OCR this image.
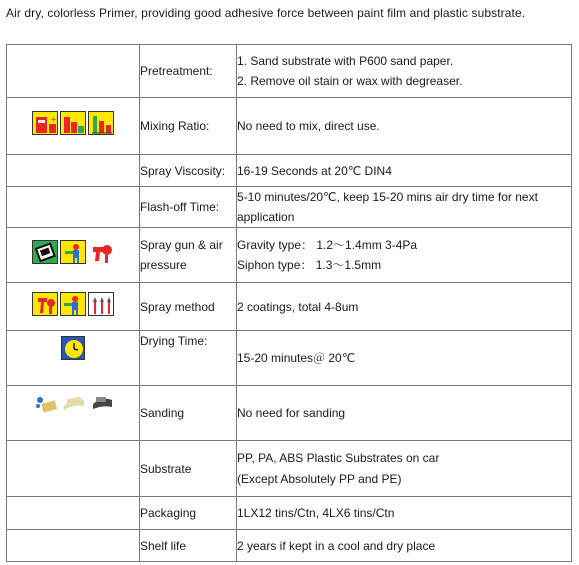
Air dry, colorless Primer, providing good adhesive force between paint film and plastic substrate.
	Pretreatment:	1. Sand substrate with P600 sand paper.
2. Remove oil stain or wax with degreaser.

+	Mixing Ratio:	No need to mix, direct use.

	Spray Viscosity:	16-19 Seconds at 20℃ DIN4

	Flash-off Time:	5-10 minutes/20℃, keep 15-20 mins air dry time for next application

	Spray gun & air pressure	Gravity type： 1.2～1.4mm 3-4Pa
Siphon type： 1.3～1.5mm

	Spray method	2 coatings, total 4-8um

	Drying Time:	15-20 minutes＠ 20℃

	Sanding	No need for sanding

	Substrate	PP, PA, ABS Plastic Substrates on car
(Except Absolutely PP and PE)

	Packaging	1LX12 tins/Ctn, 4LX6 tins/Ctn

	Shelf life	2 years if kept in a cool and dry place
